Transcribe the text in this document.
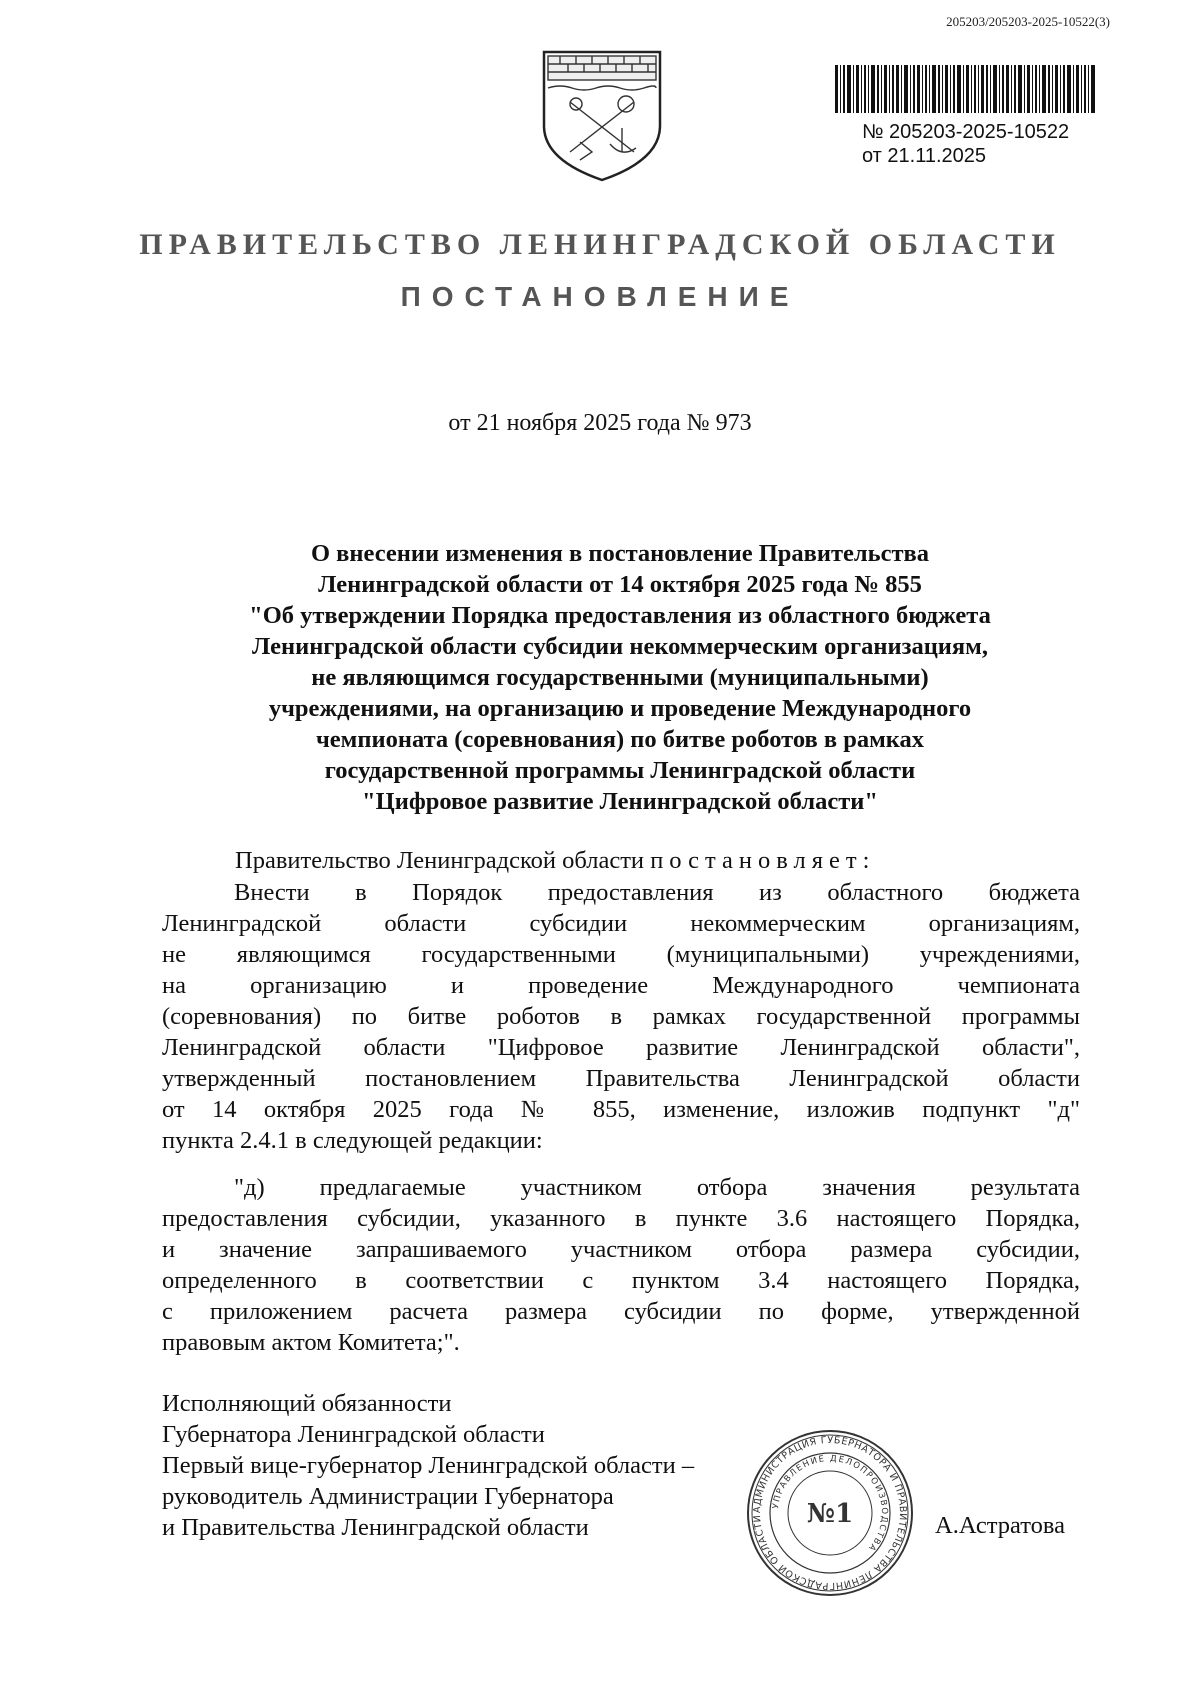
205203/205203-2025-10522(3)
№ 205203-2025-10522
от 21.11.2025
ПРАВИТЕЛЬСТВО ЛЕНИНГРАДСКОЙ ОБЛАСТИ
ПОСТАНОВЛЕНИЕ
от 21 ноября 2025 года № 973
О внесении изменения в постановление Правительства
Ленинградской области от 14 октября 2025 года № 855
"Об утверждении Порядка предоставления из областного бюджета
Ленинградской области субсидии некоммерческим организациям,
не являющимся государственными (муниципальными)
учреждениями, на организацию и проведение Международного
чемпионата (соревнования) по битве роботов в рамках
государственной программы Ленинградской области
"Цифровое развитие Ленинградской области"
Правительство Ленинградской области постановляет:
Внести в Порядок предоставления из областного бюджета
Ленинградской области субсидии некоммерческим организациям,
не являющимся государственными (муниципальными) учреждениями,
на организацию и проведение Международного чемпионата
(соревнования) по битве роботов в рамках государственной программы
Ленинградской области "Цифровое развитие Ленинградской области",
утвержденный постановлением Правительства Ленинградской области
от 14 октября 2025 года № 855, изменение, изложив подпункт "д"
пункта 2.4.1 в следующей редакции:
"д) предлагаемые участником отбора значения результата
предоставления субсидии, указанного в пункте 3.6 настоящего Порядка,
и значение запрашиваемого участником отбора размера субсидии,
определенного в соответствии с пунктом 3.4 настоящего Порядка,
с приложением расчета размера субсидии по форме, утвержденной
правовым актом Комитета;".
Исполняющий обязанности
Губернатора Ленинградской области
Первый вице-губернатор Ленинградской области –
руководитель Администрации Губернатора
и Правительства Ленинградской области
АДМИНИСТРАЦИЯ ГУБЕРНАТОРА И ПРАВИТЕЛЬСТВА ЛЕНИНГРАДСКОЙ ОБЛАСТИ
УПРАВЛЕНИЕ ДЕЛОПРОИЗВОДСТВА
№1	А.Астратова
